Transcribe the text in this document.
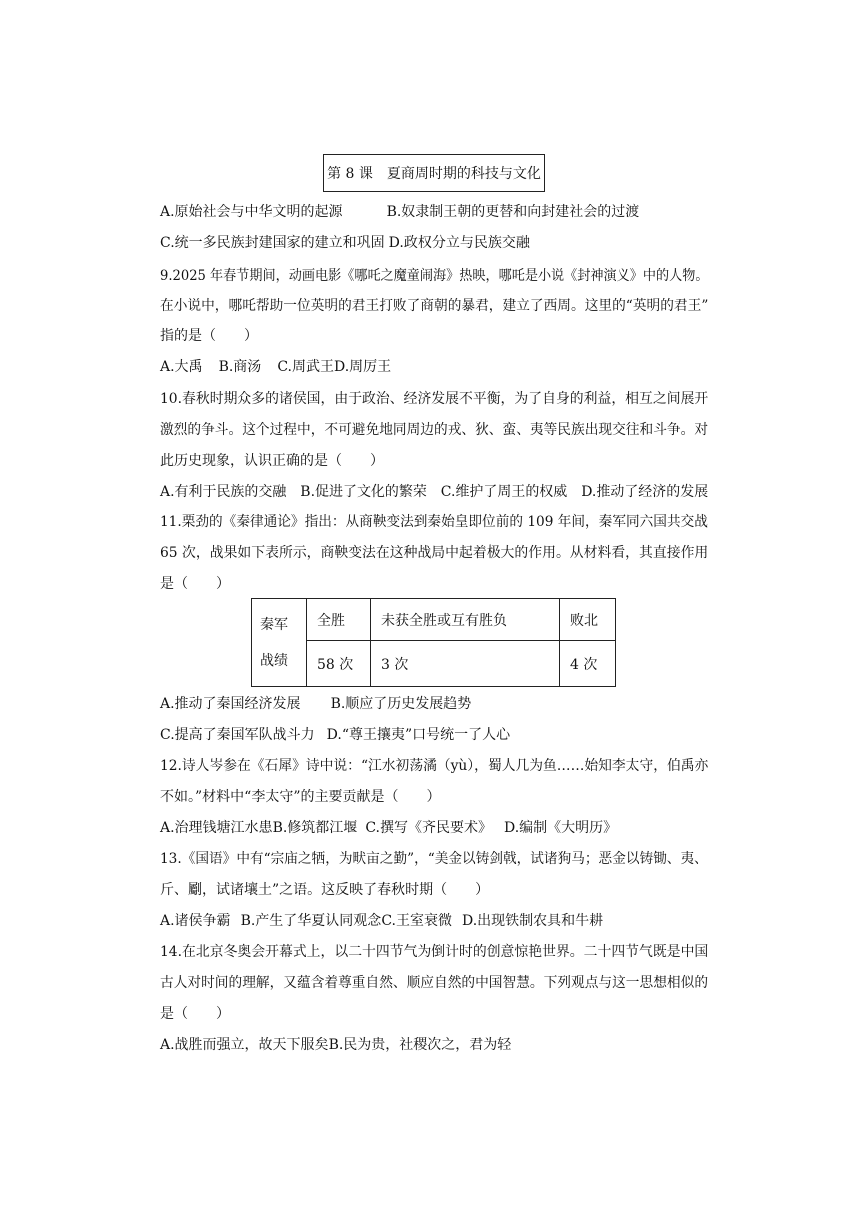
第 8 课　夏商周时期的科技与文化
A.原始社会与中华文明的起源	B.奴隶制王朝的更替和向封建社会的过渡
C.统一多民族封建国家的建立和巩固 D.政权分立与民族交融
9.2025 年春节期间，动画电影《哪吒之魔童闹海》热映，哪吒是小说《封神演义》中的人物。
在小说中，哪吒帮助一位英明的君王打败了商朝的暴君，建立了西周。这里的“英明的君王”
指的是（　　）
A.大禹 B.商汤 C.周武王D.周厉王
10.春秋时期众多的诸侯国，由于政治、经济发展不平衡，为了自身的利益，相互之间展开
激烈的争斗。这个过程中，不可避免地同周边的戎、狄、蛮、夷等民族出现交往和斗争。对
此历史现象，认识正确的是（　　）
A.有利于民族的交融 B.促进了文化的繁荣 C.维护了周王的权威 D.推动了经济的发展
11.栗劲的《秦律通论》指出：从商鞅变法到秦始皇即位前的 109 年间，秦军同六国共交战
65 次，战果如下表所示，商鞅变法在这种战局中起着极大的作用。从材料看，其直接作用
是（　　）
秦军
战绩	全胜	未获全胜或互有胜负	败北
	58 次	3 次	4 次
A.推动了秦国经济发展 B.顺应了历史发展趋势
C.提高了秦国军队战斗力 D.“尊王攘夷”口号统一了人心
12.诗人岑参在《石犀》诗中说：“江水初荡潏（yù），蜀人几为鱼……始知李太守，伯禹亦
不如。”材料中“李太守”的主要贡献是（　　）
A.治理钱塘江水患B.修筑都江堰 C.撰写《齐民要术》 D.编制《大明历》
13.《国语》中有“宗庙之牺，为畎亩之勤”，“美金以铸剑戟，试诸狗马；恶金以铸锄、夷、
斤、劚，试诸壤土”之语。这反映了春秋时期（　　）
A.诸侯争霸 B.产生了华夏认同观念C.王室衰微 D.出现铁制农具和牛耕
14.在北京冬奥会开幕式上，以二十四节气为倒计时的创意惊艳世界。二十四节气既是中国
古人对时间的理解，又蕴含着尊重自然、顺应自然的中国智慧。下列观点与这一思想相似的
是（　　）
A.战胜而强立，故天下服矣B.民为贵，社稷次之，君为轻
